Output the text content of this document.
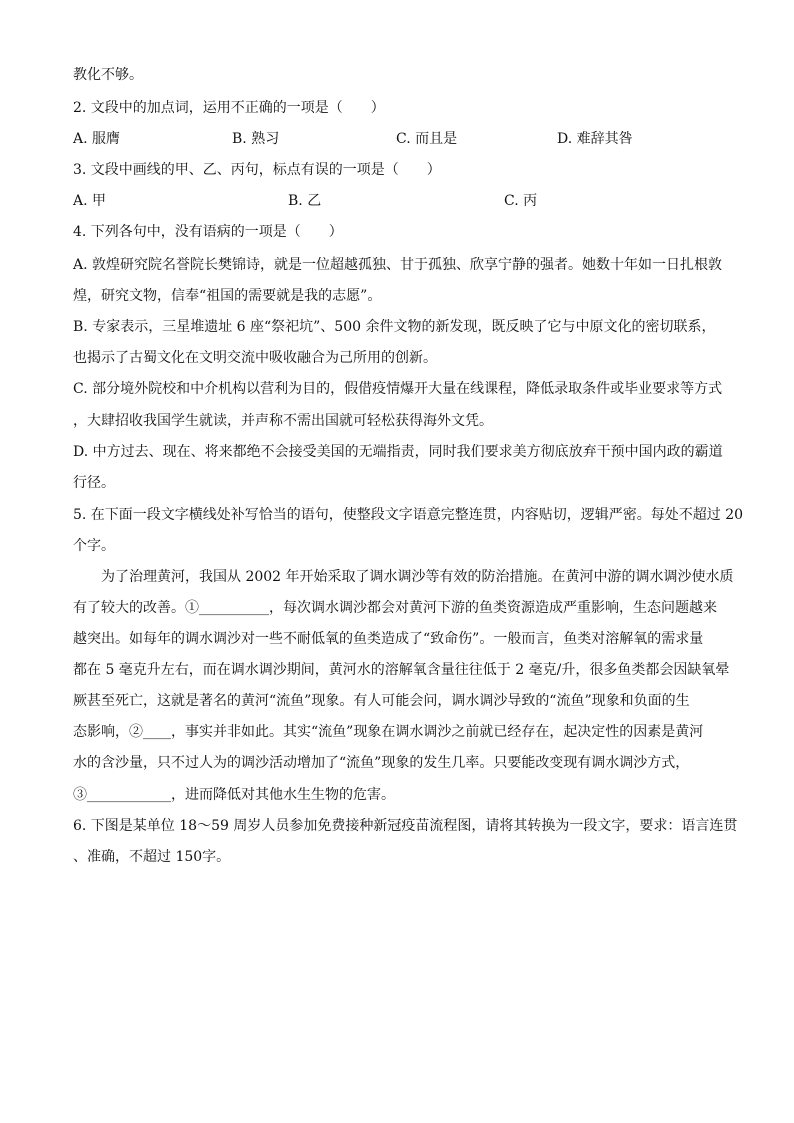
教化不够。
2. 文段中的加点词，运用不正确的一项是（　　）
A. 服膺	B. 熟习	C. 而且是	D. 难辞其咎
3. 文段中画线的甲、乙、丙句，标点有误的一项是（　　）
A. 甲	B. 乙	C. 丙
4. 下列各句中，没有语病的一项是（　　）
A. 敦煌研究院名誉院长樊锦诗，就是一位超越孤独、甘于孤独、欣享宁静的强者。她数十年如一日扎根敦
煌，研究文物，信奉“祖国的需要就是我的志愿”。
B. 专家表示，三星堆遗址 6 座“祭祀坑”、500 余件文物的新发现，既反映了它与中原文化的密切联系，
也揭示了古蜀文化在文明交流中吸收融合为己所用的创新。
C. 部分境外院校和中介机构以营利为目的，假借疫情爆开大量在线课程，降低录取条件或毕业要求等方式
，大肆招收我国学生就读，并声称不需出国就可轻松获得海外文凭。
D. 中方过去、现在、将来都绝不会接受美国的无端指责，同时我们要求美方彻底放弃干预中国内政的霸道
行径。
5. 在下面一段文字横线处补写恰当的语句，使整段文字语意完整连贯，内容贴切，逻辑严密。每处不超过 20
个字。
为了治理黄河，我国从 2002 年开始采取了调水调沙等有效的防治措施。在黄河中游的调水调沙使水质
有了较大的改善。①__________，每次调水调沙都会对黄河下游的鱼类资源造成严重影响，生态问题越来
越突出。如每年的调水调沙对一些不耐低氧的鱼类造成了“致命伤”。一般而言，鱼类对溶解氧的需求量
都在 5 毫克升左右，而在调水调沙期间，黄河水的溶解氧含量往往低于 2 毫克/升，很多鱼类都会因缺氧晕
厥甚至死亡，这就是著名的黄河“流鱼”现象。有人可能会问，调水调沙导致的“流鱼”现象和负面的生
态影响，②____，事实并非如此。其实“流鱼”现象在调水调沙之前就已经存在，起决定性的因素是黄河
水的含沙量，只不过人为的调沙活动增加了“流鱼”现象的发生几率。只要能改变现有调水调沙方式，
③____________，进而降低对其他水生生物的危害。
6. 下图是某单位 18～59 周岁人员参加免费接种新冠疫苗流程图，请将其转换为一段文字，要求：语言连贯
、准确，不超过 150字。
